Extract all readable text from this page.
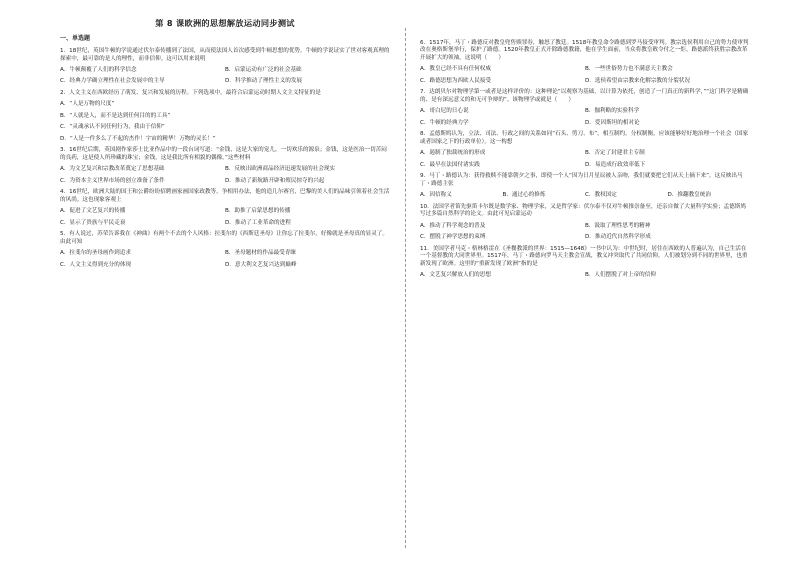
第 8 课欧洲的思想解放运动同步测试
一、单选题
1．18世纪，英国牛顿的学说通过伏尔泰传播到了法国，从而使法国人首次感受到牛顿思想的优势。牛顿的学说证实了世对客观真理的探索中，最可靠的是人的理性，而非信仰。这可以用来说明
A．牛顿颠覆了人们的科学信念	B．启蒙运动有广泛的社会基础
C．经典力学确立理性在社会发展中的主导	D．科学推动了理性主义的发展
2．人文主义在西欧经历了萌发、复兴和发展的历程。下列选项中，最符合启蒙运动时期人文主义特征的是
A．“人是万物的尺度”
B．“人就是人，而不是达到任何目的的工具”
C．“灵魂承认不同任何行为，我由于信仰”
D．“人是一件多么了不起的杰作！宇宙的精华！万物的灵长！”
3．16世纪后期，英国剧作家莎士比亚作品中的一段台词写道：“金钱，这是大家的宠儿，一切欢乐的源泉；金钱，这是医治一切苦闷的良药，这是使人所珍藏的珠宝；金钱，这是我比所有相貌的偶像。”这些材料
A．为文艺复兴和宗教改革奠定了思想基础	B．反映出欧洲商品经济迅速发展的社会现实
C．为资本主义世界市场的创立准备了条件	D．推动了新航路开辟和殖民掠夺的兴起
4．16世纪，欧洲大陆的国王和公爵纷纷招聘画家画国家政教等，争相用办法，他的造几尔赛宫，巴黎的美人们的品味引领着社会生活的风尚。这也现象客观上
A．促进了文艺复兴的传播	B．助推了启蒙思想的传播
C．显示了贵族与平民走衰	D．推动了工业革命的进程
5．有人说过，苏荣告诉我在《神曲》有两个不去的个人风格：拉斐尔的《西斯廷圣母》让你忘了拉斐尔，好像就是圣母真的显灵了。由此可知
A．拉斐尔的圣母画作到追求	B．圣母题材的作品最受青睐
C．人文主义得到充分的体现	D．意大利文艺复兴达到巅峰
6．1517年，马丁・路德反对教皇兜售赎罪券，触怒了教廷。1518年教皇命令路德到罗马接受审判。教宗选侯利用自己的势力使审判改在奥格斯堡举行，保护了路德。1520年教皇正式开除路德教籍，他在学生面前，当众将教皇敕令付之一炬。路德派终获胜宗教改革开展扩大的领袖，这说明（　　）
A．教皇已经不具有任何权威	B．一些世俗势力也不满意天主教会
C．路德思想为西欧人民接受	D．选侯希望由宗教来化解宗教的分裂状况
7．达朗贝尔对物理学第一或者是这样评价的：这种理论“以观察为基础，以计算为依托，创造了一门真正的新科学，”“这门科学是精确的、是有深远意义的和无可争辩的”。该物理学或就是（　　）
A．哥白尼的日心说	B．伽利略的实验科学
C．牛顿的经典力学	D．爱因斯坦的相对论
8．孟德斯鸠认为，立法、司法、行政之间的关系如同“石头、剪刀、布”，相互制约。分权制衡，应该能够好好地治理一个社会（国家或者国家之下的行政单位）。这一构想
A．遏制了独裁统治的形成	B．否定了封建君主专制
C．最早在法国付诸实践	D．易造成行政效率低下
9．马丁・路德认为：获得救赎不能靠朝夕之事，即使一个人“因为日月星辰被人亲吻，我们就要把它们从天上摘下来”。这反映出马丁・路德主张
A．因信称义	B．通过心的修炼	C．教权国定	D．推翻教皇统治
10．法国学者笛先驱笛卡尔既是数学家、物理学家，又是哲学家：伏尔泰不仅对牛顿推崇备至，还亲自做了大量科学实验；孟德斯鸠写过多篇自然科学的论文。由此可见启蒙运动
A．推动了科学观念的普及	B．汲取了理性思考的精神
C．摆脱了神学思想的束缚	D．推动近代自然科学形成
11．美国学者马克・格林格雷在《圣餐教派的世界：1515—1648》一书中认为：中世纪时，居住在西欧的人普遍认为，自己生活在一个基督教的大同世界里。1517年，马丁・路德向罗马天主教会宣战，教义冲突取代了共同信仰，人们被划分到不同的世界里，也重新发现了欧洲。这里的“重新发现了欧洲”指的是
A．文艺复兴解放人们的思想	B．人们摆脱了对上帝的信仰
